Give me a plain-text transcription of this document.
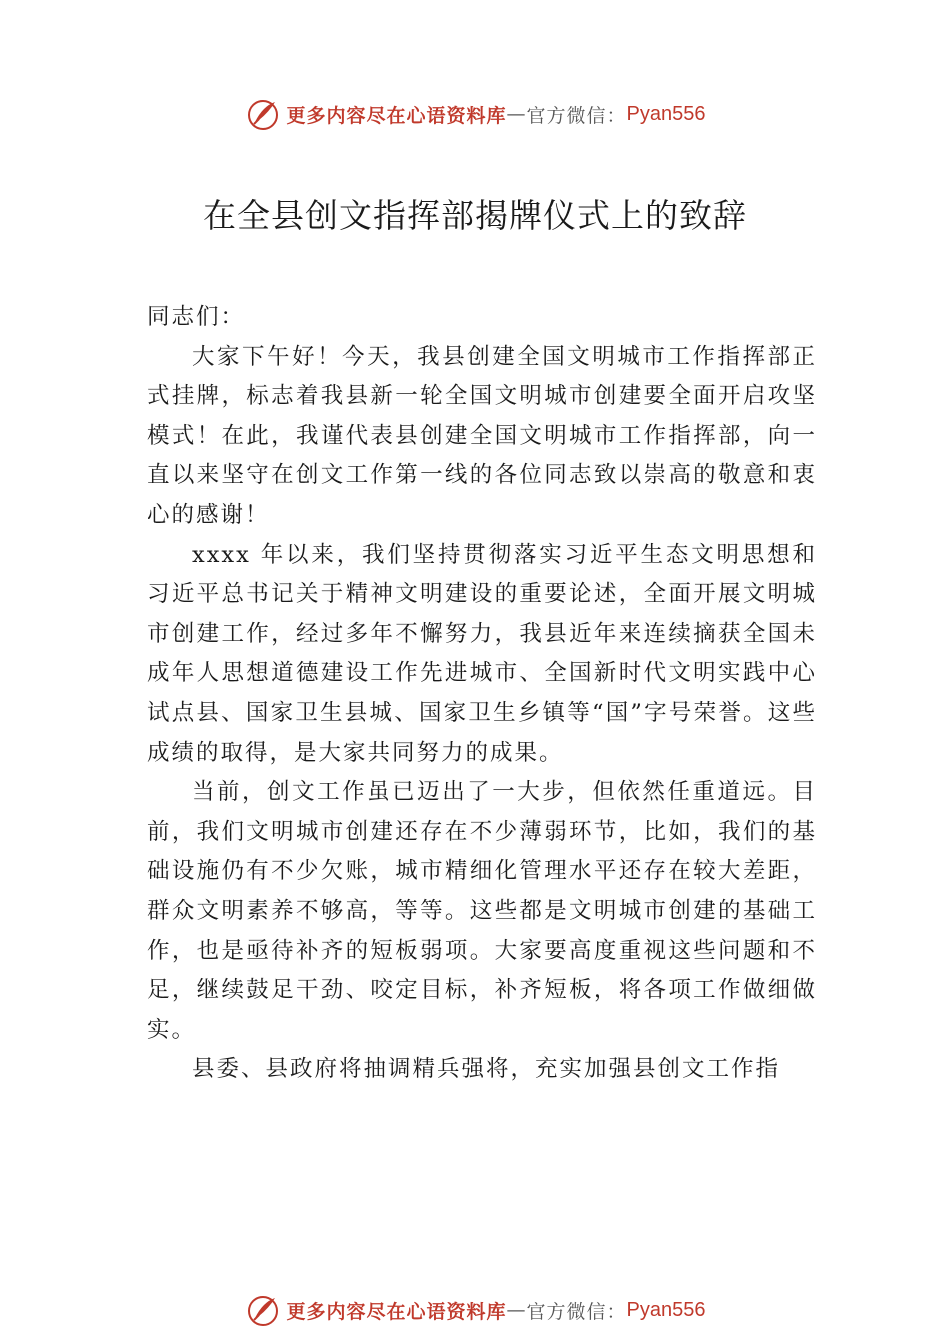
更多内容尽在心语资料库 — 官方微信： Pyan556
在全县创文指挥部揭牌仪式上的致辞

同志们：

大家下午好！今天，我县创建全国文明城市工作指挥部正式挂牌，标志着我县新一轮全国文明城市创建要全面开启攻坚模式！在此，我谨代表县创建全国文明城市工作指挥部，向一直以来坚守在创文工作第一线的各位同志致以崇高的敬意和衷心的感谢！

xxxx 年以来，我们坚持贯彻落实习近平生态文明思想和习近平总书记关于精神文明建设的重要论述，全面开展文明城市创建工作，经过多年不懈努力，我县近年来连续摘获全国未成年人思想道德建设工作先进城市、全国新时代文明实践中心试点县、国家卫生县城、国家卫生乡镇等“国”字号荣誉。这些成绩的取得，是大家共同努力的成果。

当前，创文工作虽已迈出了一大步，但依然任重道远。目前，我们文明城市创建还存在不少薄弱环节，比如，我们的基础设施仍有不少欠账，城市精细化管理水平还存在较大差距，群众文明素养不够高，等等。这些都是文明城市创建的基础工作，也是亟待补齐的短板弱项。大家要高度重视这些问题和不足，继续鼓足干劲、咬定目标，补齐短板，将各项工作做细做实。

县委、县政府将抽调精兵强将，充实加强县创文工作指

更多内容尽在心语资料库 — 官方微信： Pyan556
